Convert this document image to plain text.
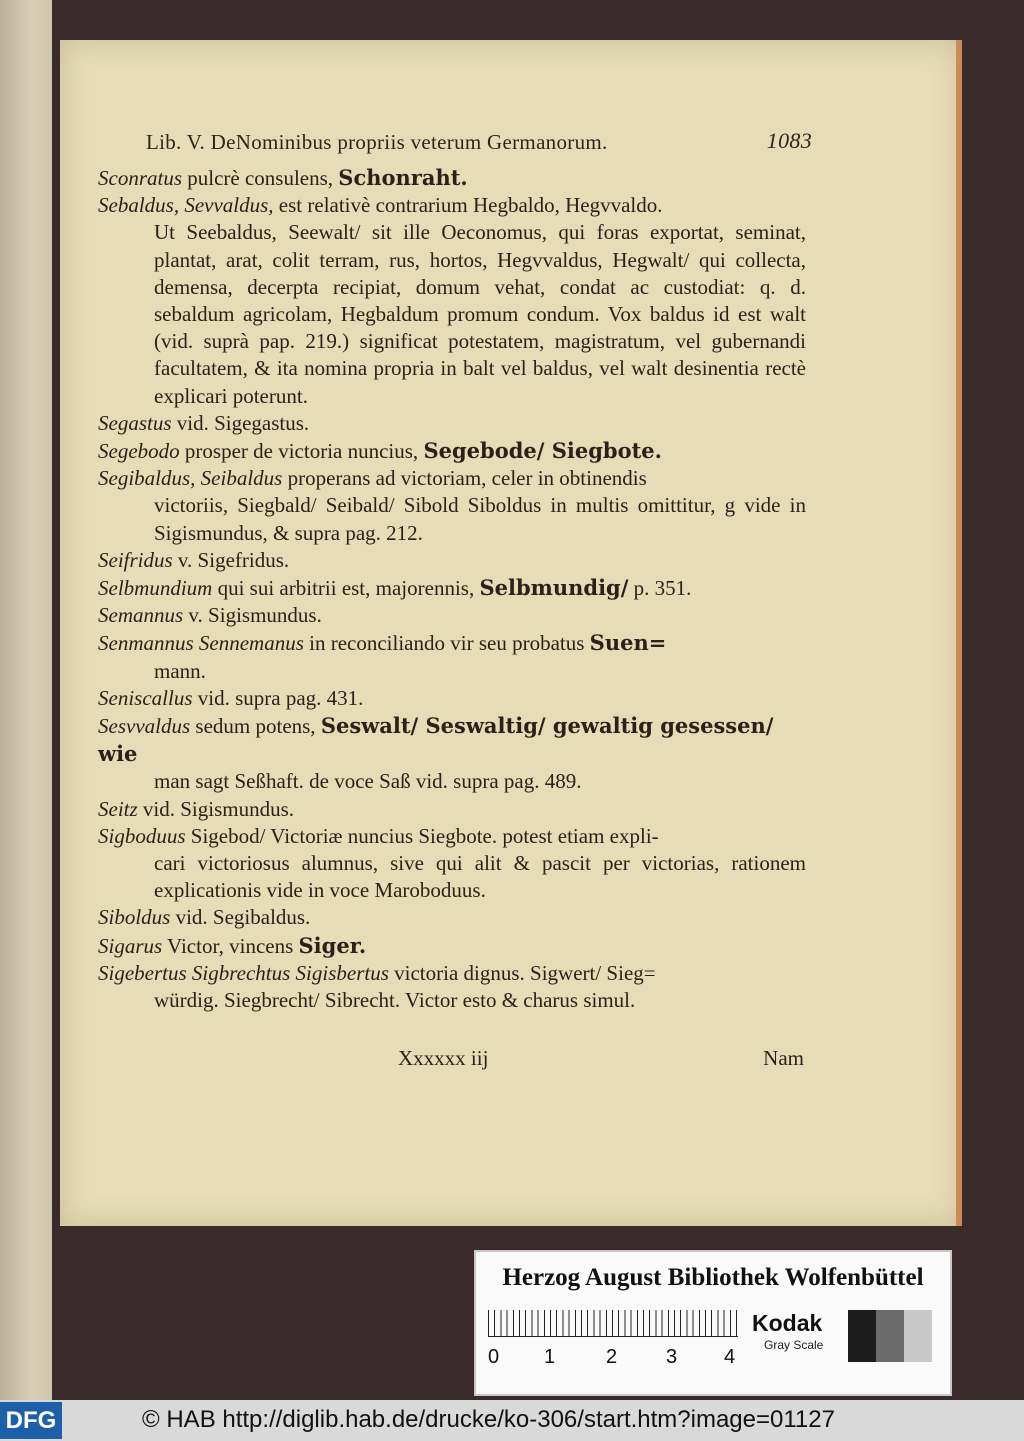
Lib. V. DeNominibus propriis veterum Germanorum.	1083
Sconratus pulcrè consulens, Schonraht.
Sebaldus, Sevvaldus, est relativè contrarium Hegbaldo, Hegvvaldo.
Ut Seebaldus, Seewalt/ sit ille Oeconomus, qui foras exportat, seminat, plantat, arat, colit terram, rus, hortos, Hegvvaldus, Hegwalt/ qui collecta, demensa, decerpta recipiat, domum vehat, condat ac custodiat: q. d. sebaldum agricolam, Hegbaldum promum condum. Vox baldus id est walt (vid. suprà pap. 219.) significat potestatem, magistratum, vel gubernandi facultatem, & ita nomina propria in balt vel baldus, vel walt desinentia rectè explicari poterunt.
Segastus vid. Sigegastus.
Segebodo prosper de victoria nuncius, Segebode/ Siegbote.
Segibaldus, Seibaldus properans ad victoriam, celer in obtinendis
victoriis, Siegbald/ Seibald/ Sibold Siboldus in multis omittitur, g vide in Sigismundus, & supra pag. 212.
Seifridus v. Sigefridus.
Selbmundium qui sui arbitrii est, majorennis, Selbmundig/ p. 351.
Semannus v. Sigismundus.
Senmannus Sennemanus in reconciliando vir seu probatus Suen=
mann.
Seniscallus vid. supra pag. 431.
Sesvvaldus sedum potens, Seswalt/ Seswaltig/ gewaltig gesessen/ wie
man sagt Seßhaft. de voce Saß vid. supra pag. 489.
Seitz vid. Sigismundus.
Sigboduus Sigebod/ Victoriæ nuncius Siegbote. potest etiam expli-
cari victoriosus alumnus, sive qui alit & pascit per victorias, rationem explicationis vide in voce Maroboduus.
Siboldus vid. Segibaldus.
Sigarus Victor, vincens Siger.
Sigebertus Sigbrechtus Sigisbertus victoria dignus. Sigwert/ Sieg=
würdig. Siegbrecht/ Sibrecht. Victor esto & charus simul.
Xxxxxx iij	Nam
Herzog August Bibliothek Wolfenbüttel
0 1	2 3 4
Kodak
Gray Scale
DFG	© HAB http://diglib.hab.de/drucke/ko-306/start.htm?image=01127
